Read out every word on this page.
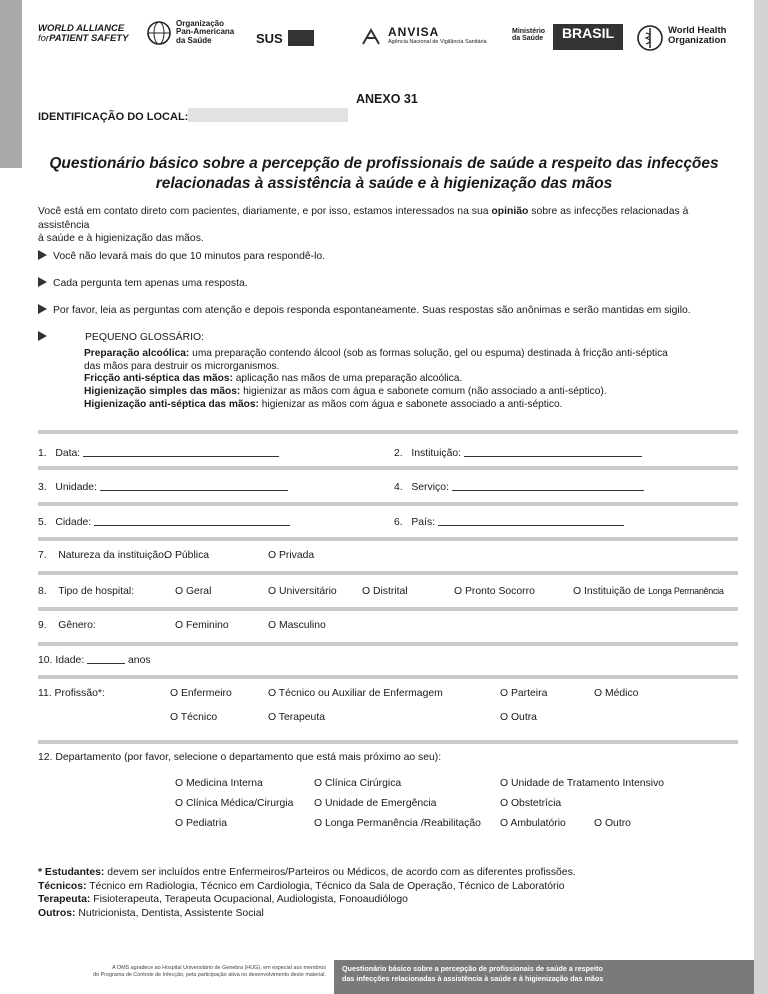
WORLD ALLIANCE
forPATIENT SAFETY
Organização
Pan-Americana
da Saúde	SUS	ANVISA
Agência Nacional de Vigilância Sanitária
Ministério
da Saúde	BRASIL	World Health
Organization
ANEXO 31
IDENTIFICAÇÃO DO LOCAL:
Questionário básico sobre a percepção de profissionais de saúde a respeito das infecções
relacionadas à assistência à saúde e à higienização das mãos
Você está em contato direto com pacientes, diariamente, e por isso, estamos interessados na sua opinião sobre as infecções relacionadas à assistência
à saúde e à higienização das mãos.
Você não levará mais do que 10 minutos para respondê-lo.
Cada pergunta tem apenas uma resposta.
Por favor, leia as perguntas com atenção e depois responda espontaneamente. Suas respostas são anônimas e serão mantidas em sigilo.
PEQUENO GLOSSÁRIO:
Preparação alcoólica: uma preparação contendo álcool (sob as formas solução, gel ou espuma) destinada à fricção anti-séptica
das mãos para destruir os microrganismos.
Fricção anti-séptica das mãos: aplicação nas mãos de uma preparação alcoólica.
Higienização simples das mãos: higienizar as mãos com água e sabonete comum (não associado a anti-séptico).
Higienização anti-séptica das mãos: higienizar as mãos com água e sabonete associado a anti-séptico.
1. Data:	2. Instituição:
3. Unidade:	4. Serviço:
5. Cidade:	6. País:
7. Natureza da instituição:
O Pública	O Privada
8. Tipo de hospital:	O Geral	O Universitário O Distrital	O Pronto Socorro	O Instituição de Longa Permanência
9. Gênero:	O Feminino	O Masculino
10. Idade:	anos
11. Profissão*:	O Enfermeiro	O Técnico ou Auxiliar de Enfermagem	O Parteira	O Médico
O Técnico	O Terapeuta	O Outra
12. Departamento (por favor, selecione o departamento que está mais próximo ao seu):
O Medicina Interna	O Clínica Cirúrgica	O Unidade de Tratamento Intensivo
O Clínica Médica/Cirurgia O Unidade de Emergência	O Obstetrícia
O Pediatria	O Longa Permanência /Reabilitação O Ambulatório	O Outro
* Estudantes: devem ser incluídos entre Enfermeiros/Parteiros ou Médicos, de acordo com as diferentes profissões.
Técnicos: Técnico em Radiologia, Técnico em Cardiologia, Técnico da Sala de Operação, Técnico de Laboratório
Terapeuta: Fisioterapeuta, Terapeuta Ocupacional, Audiologista, Fonoaudiólogo
Outros: Nutricionista, Dentista, Assistente Social
A OMS agradece ao Hospital Universitário de Genebra (HUG), em especial aos membros
do Programa de Controle de Infecção, pela participação ativa no desenvolvimento deste material.
Questionário básico sobre a percepção de profissionais de saúde a respeito
das infecções relacionadas à assistência à saúde e à higienização das mãos
